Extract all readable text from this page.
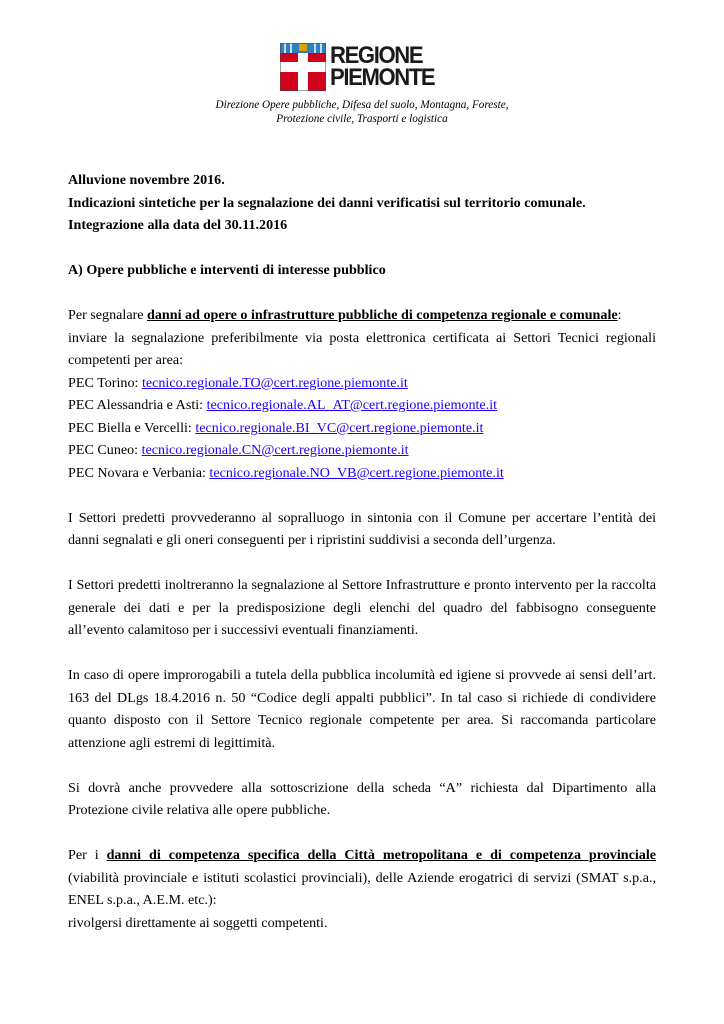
REGIONE
PIEMONTE
Direzione Opere pubbliche, Difesa del suolo, Montagna, Foreste,
Protezione civile, Trasporti e logistica

Alluvione novembre 2016.
Indicazioni sintetiche per la segnalazione dei danni verificatisi sul territorio comunale.
Integrazione alla data del 30.11.2016

A) Opere pubbliche e interventi di interesse pubblico

Per segnalare danni ad opere o infrastrutture pubbliche di competenza regionale e comunale:
inviare la segnalazione preferibilmente via posta elettronica certificata ai Settori Tecnici regionali competenti per area:

PEC Torino: tecnico.regionale.TO@cert.regione.piemonte.it
PEC Alessandria e Asti: tecnico.regionale.AL_AT@cert.regione.piemonte.it
PEC Biella e Vercelli: tecnico.regionale.BI_VC@cert.regione.piemonte.it
PEC Cuneo: tecnico.regionale.CN@cert.regione.piemonte.it
PEC Novara e Verbania: tecnico.regionale.NO_VB@cert.regione.piemonte.it

I Settori predetti provvederanno al sopralluogo in sintonia con il Comune per accertare l’entità dei danni segnalati e gli oneri conseguenti per i ripristini suddivisi a seconda dell’urgenza.

I Settori predetti inoltreranno la segnalazione al Settore Infrastrutture e pronto intervento per la raccolta generale dei dati e per la predisposizione degli elenchi del quadro del fabbisogno conseguente all’evento calamitoso per i successivi eventuali finanziamenti.

In caso di opere improrogabili a tutela della pubblica incolumità ed igiene si provvede ai sensi dell’art. 163 del DLgs 18.4.2016 n. 50 “Codice degli appalti pubblici”. In tal caso si richiede di condividere quanto disposto con il Settore Tecnico regionale competente per area. Si raccomanda particolare attenzione agli estremi di legittimità.

Si dovrà anche provvedere alla sottoscrizione della scheda “A” richiesta dal Dipartimento alla Protezione civile relativa alle opere pubbliche.

Per i danni di competenza specifica della Città metropolitana e di competenza provinciale (viabilità provinciale e istituti scolastici provinciali), delle Aziende erogatrici di servizi (SMAT s.p.a., ENEL s.p.a., A.E.M. etc.):
rivolgersi direttamente ai soggetti competenti.
